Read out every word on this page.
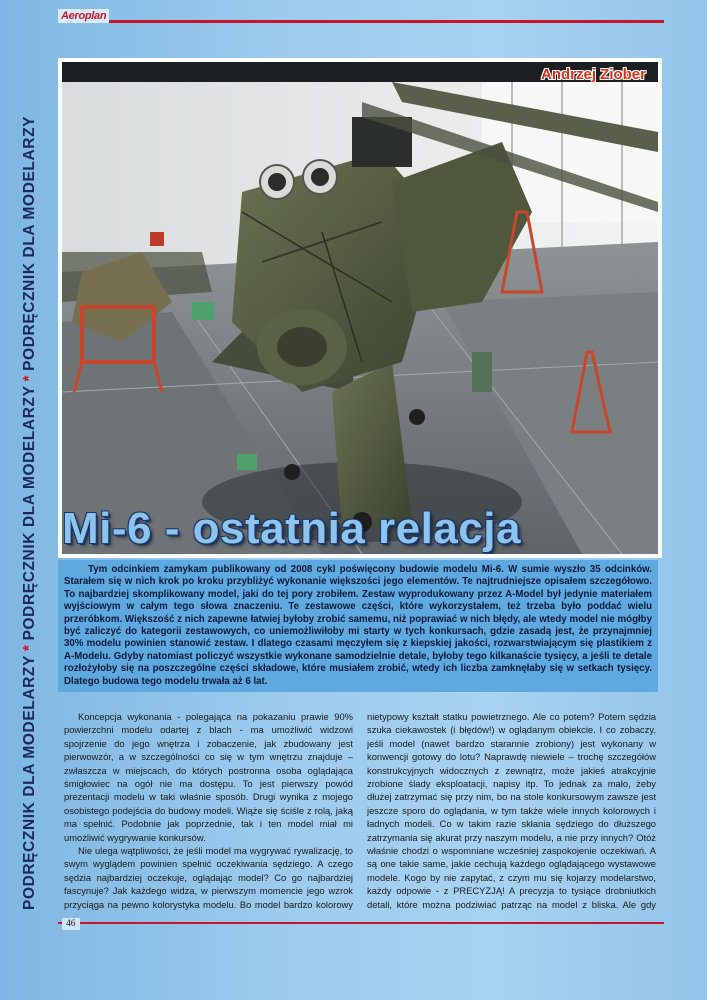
Aeroplan
PODRĘCZNIK DLA MODELARZY*PODRĘCZNIK DLA MODELARZY*PODRĘCZNIK DLA MODELARZY
Andrzej Ziober
Mi-6 - ostatnia relacja

Tym odcinkiem zamykam publikowany od 2008 cykl poświęcony budowie modelu Mi-6. W sumie wyszło 35 odcinków. Starałem się w nich krok po kroku przybliżyć wykonanie większości jego elementów. Te najtrudniejsze opisałem szczegółowo. To najbardziej skomplikowany model, jaki do tej pory zrobiłem. Zestaw wyprodukowany przez A-Model był jedynie materiałem wyjściowym w całym tego słowa znaczeniu. Te zestawowe części, które wykorzystałem, też trzeba było poddać wielu przeróbkom. Większość z nich zapewne łatwiej byłoby zrobić samemu, niż poprawiać w nich błędy, ale wtedy model nie mógłby być zaliczyć do kategorii zestawowych, co uniemożliwiłoby mi starty w tych konkursach, gdzie zasadą jest, że przynajmniej 30% modelu powinien stanowić zestaw. I dlatego czasami męczyłem się z kiepskiej jakości, rozwarstwiającym się plastikiem z A-Modelu. Gdyby natomiast policzyć wszystkie wykonane samodzielnie detale, byłoby tego kilkanaście tysięcy, a jeśli te detale rozłożyłoby się na poszczególne części składowe, które musiałem zrobić, wtedy ich liczba zamknęłaby się w setkach tysięcy. Dlatego budowa tego modelu trwała aż 6 lat.

Koncepcja wykonania - polegająca na pokazaniu prawie 90% powierzchni modelu odartej z blach - ma umożliwić widzowi spojrzenie do jego wnętrza i zobaczenie, jak zbudowany jest pierwowzór, a w szczególności co się w tym wnętrzu znajduje – zwłaszcza w miejscach, do których postronna osoba oglądająca śmigłowiec na ogół nie ma dostępu. To jest pierwszy powód prezentacji modelu w taki właśnie sposób. Drugi wynika z mojego osobistego podejścia do budowy modeli. Wiąże się ściśle z rolą, jaką ma spełnić. Podobnie jak poprzednie, tak i ten model miał mi umożliwić wygrywanie konkursów.

Nie ulega wątpliwości, że jeśli model ma wygrywać rywalizację, to swym wyglądem powinien spełnić oczekiwania sędziego. A czego sędzia najbardziej oczekuje, oglądając model? Co go najbardziej fascynuje? Jak każdego widza, w pierwszym momencie jego wzrok przyciąga na pewno kolorystyka modelu. Bo model bardzo kolorowy

nietypowy kształt statku powietrznego. Ale co potem? Potem sędzia szuka ciekawostek (i błędów!) w oglądanym obiekcie. I co zobaczy, jeśli model (nawet bardzo starannie zrobiony) jest wykonany w konwencji gotowy do lotu? Naprawdę niewiele – trochę szczegółów konstrukcyjnych widocznych z zewnątrz, może jakieś atrakcyjnie zrobione ślady eksploatacji, napisy itp. To jednak za mało, żeby dłużej zatrzymać się przy nim, bo na stole konkursowym zawsze jest jeszcze sporo do oglądania, w tym także wiele innych kolorowych i ładnych modeli. Co w takim razie skłania sędziego do dłuższego zatrzymania się akurat przy naszym modelu, a nie przy innych? Otóż właśnie chodzi o wspomniane wcześniej zaspokojenie oczekiwań. A są one takie same, jakie cechują każdego oglądającego wystawowe modele. Kogo by nie zapytać, z czym mu się kojarzy modelarstwo, każdy odpowie - z PRECYZJĄ! A precyzja to tysiące drobniutkich detali, które można podziwiać patrząc na model z bliska. Ale gdy

46
